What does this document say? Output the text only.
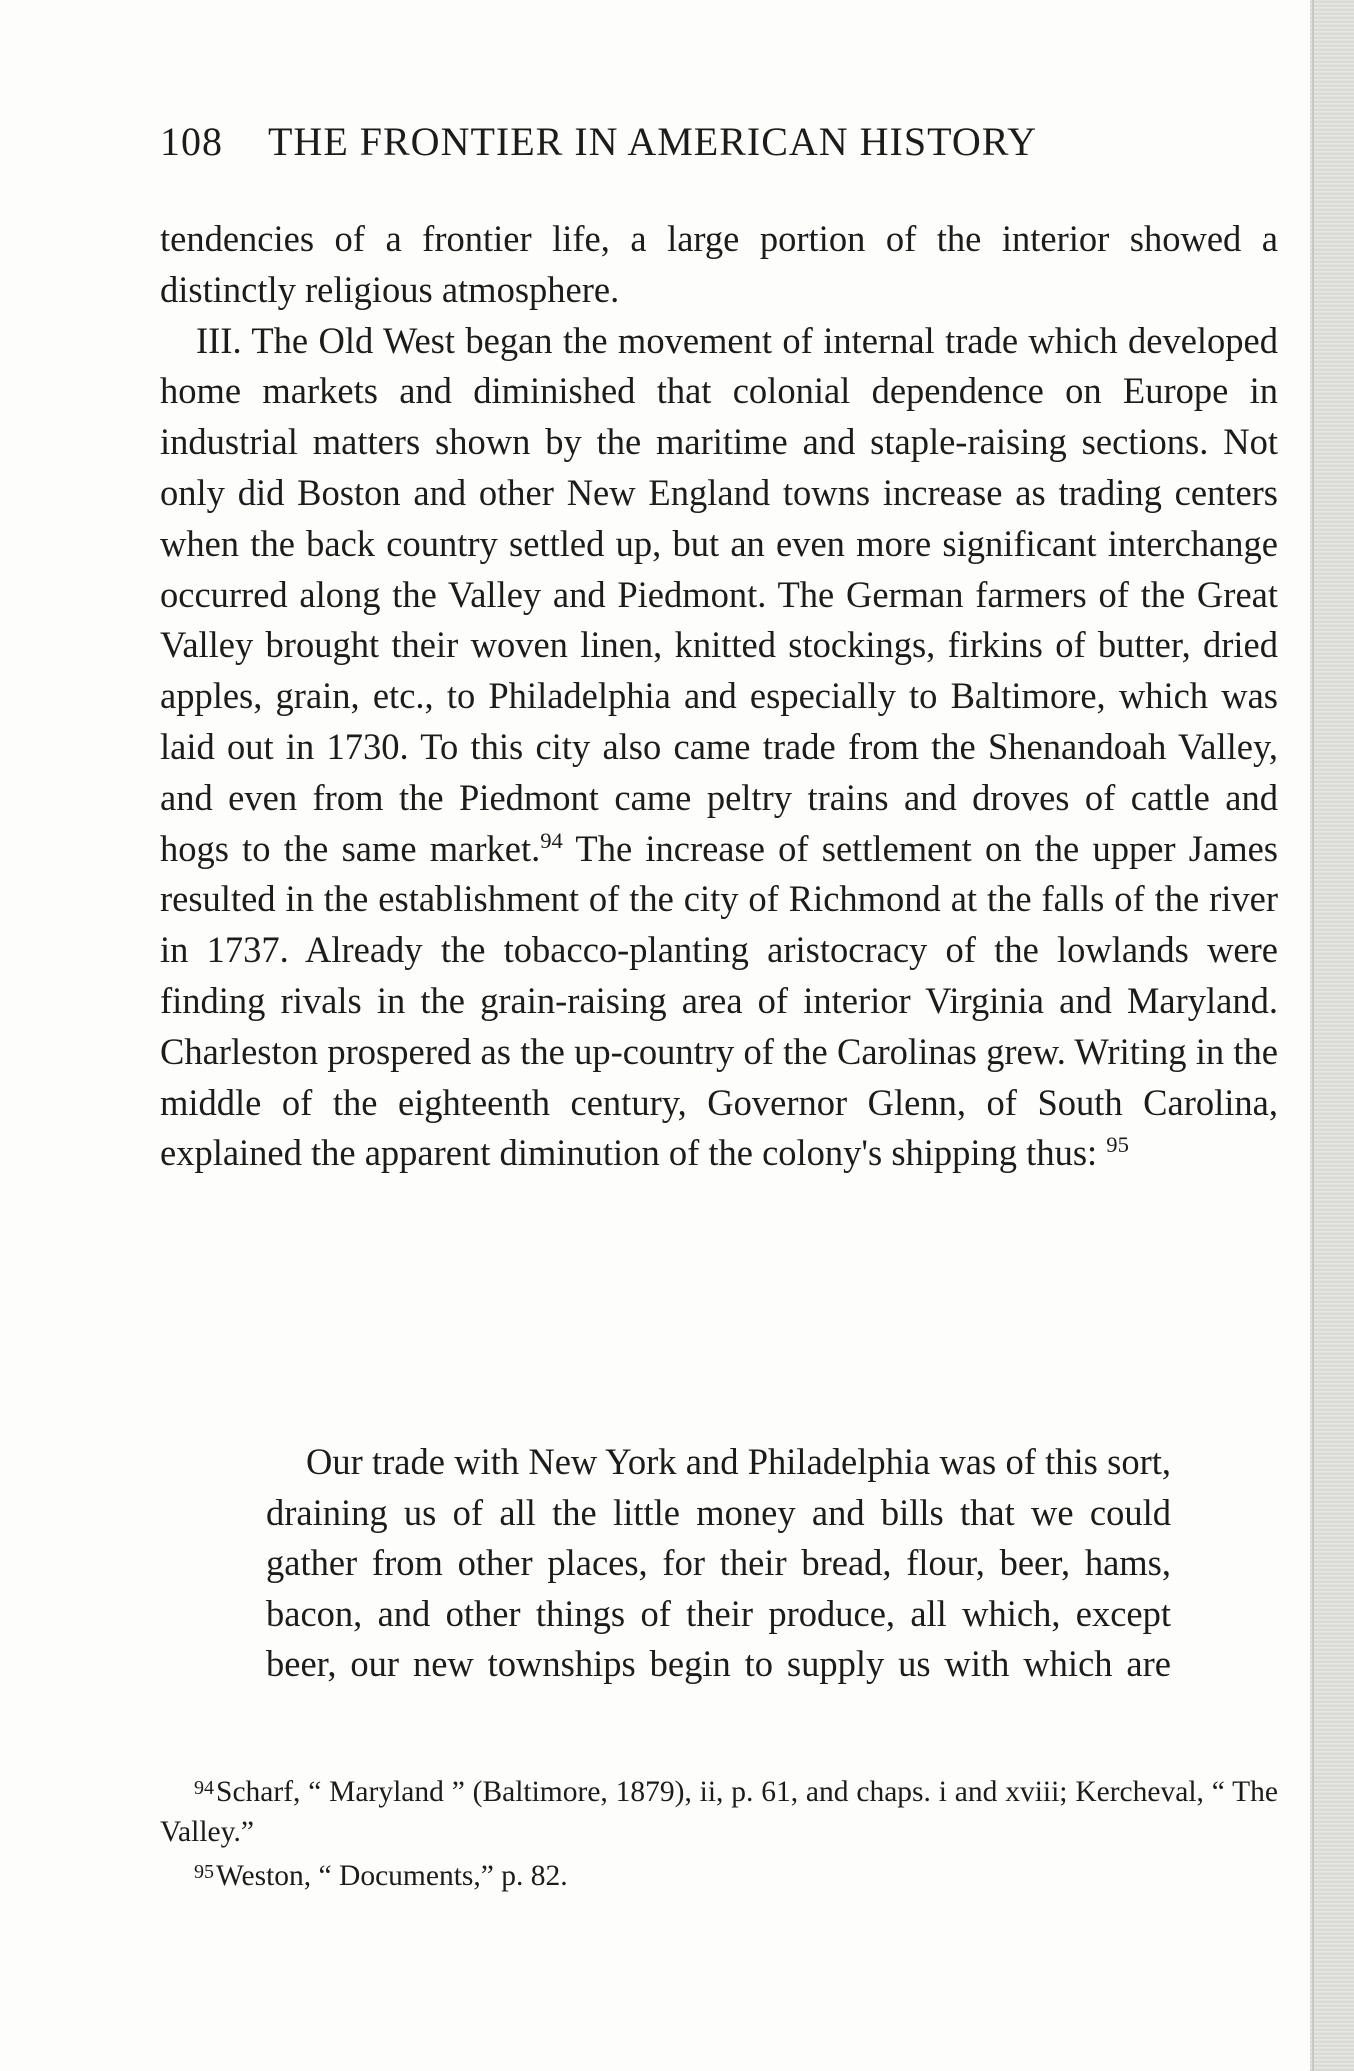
108 THE FRONTIER IN AMERICAN HISTORY

tendencies of a frontier life, a large portion of the interior showed a distinctly religious atmosphere.

III. The Old West began the movement of internal trade which developed home markets and diminished that colonial dependence on Europe in industrial matters shown by the maritime and staple-raising sections. Not only did Boston and other New England towns increase as trading centers when the back country settled up, but an even more significant interchange occurred along the Valley and Piedmont. The German farmers of the Great Valley brought their woven linen, knitted stockings, firkins of butter, dried apples, grain, etc., to Philadelphia and especially to Baltimore, which was laid out in 1730. To this city also came trade from the Shenandoah Valley, and even from the Piedmont came peltry trains and droves of cattle and hogs to the same market.$^{94}$ The increase of settlement on the upper James resulted in the establishment of the city of Richmond at the falls of the river in 1737. Already the tobacco-planting aristocracy of the lowlands were finding rivals in the grain-raising area of interior Virginia and Maryland. Charleston prospered as the up-country of the Carolinas grew. Writing in the middle of the eighteenth century, Governor Glenn, of South Carolina, explained the apparent diminution of the colony's shipping thus: $^{95}$

Our trade with New York and Philadelphia was of this sort, draining us of all the little money and bills that we could gather from other places, for their bread, flour, beer, hams, bacon, and other things of their produce, all which, except beer, our new townships begin to supply us with which are

$^{94}$Scharf, “ Maryland ” (Baltimore, 1879), ii, p. 61, and chaps. i and xviii; Kercheval, “ The Valley.”

$^{95}$Weston, “ Documents,” p. 82.
